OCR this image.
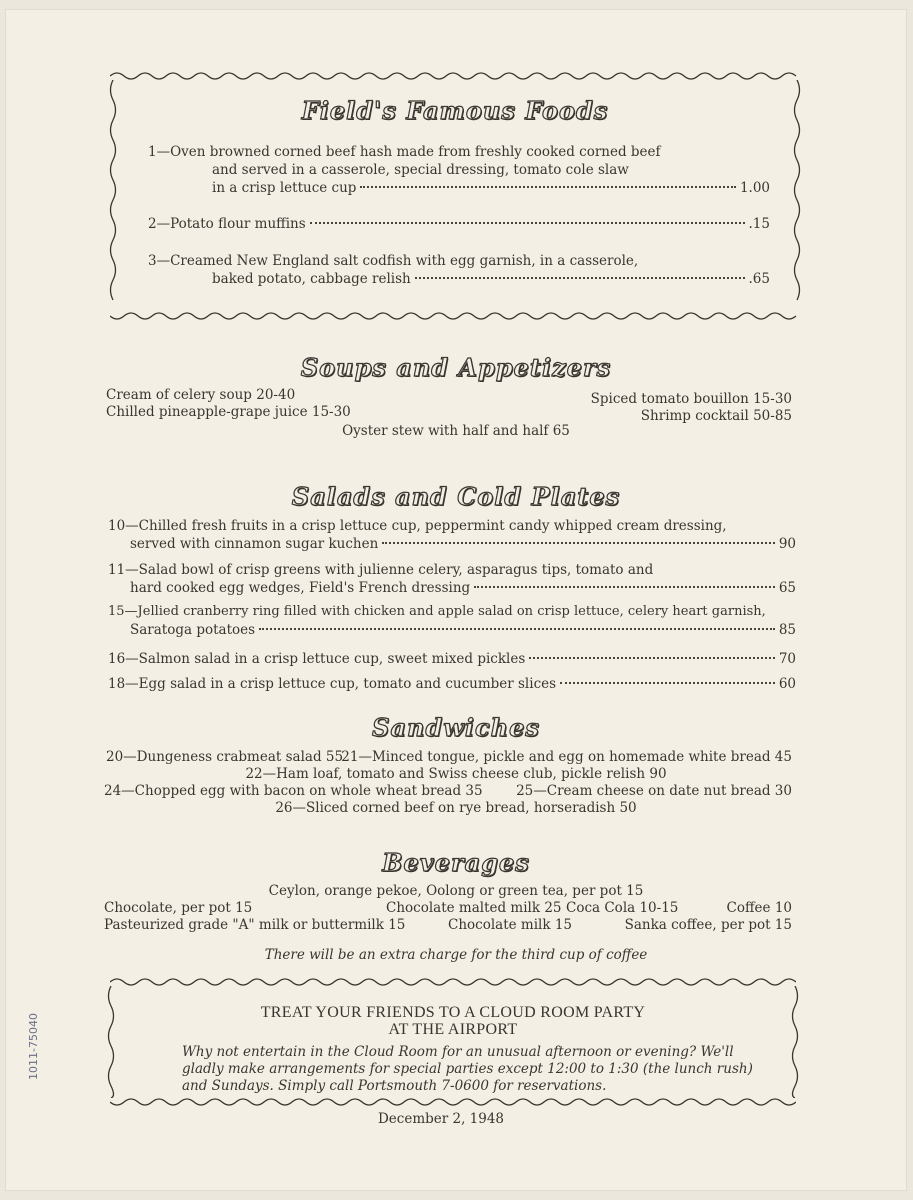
Field's Famous Foods
1—Oven browned corned beef hash made from freshly cooked corned beef
and served in a casserole, special dressing, tomato cole slaw
in a crisp lettuce cup	1.00
2—Potato flour muffins	.15
3—Creamed New England salt codfish with egg garnish, in a casserole,
baked potato, cabbage relish	.65
Soups and Appetizers
Cream of celery soup 20-40
Chilled pineapple-grape juice 15-30
Spiced tomato bouillon 15-30
Shrimp cocktail 50-85
Oyster stew with half and half 65
Salads and Cold Plates
10—Chilled fresh fruits in a crisp lettuce cup, peppermint candy whipped cream dressing,
served with cinnamon sugar kuchen	90
11—Salad bowl of crisp greens with julienne celery, asparagus tips, tomato and
hard cooked egg wedges, Field's French dressing	65
15—Jellied cranberry ring filled with chicken and apple salad on crisp lettuce, celery heart garnish,
Saratoga potatoes	85
16—Salmon salad in a crisp lettuce cup, sweet mixed pickles	70
18—Egg salad in a crisp lettuce cup, tomato and cucumber slices	60
Sandwiches
20—Dungeness crabmeat salad 55
21—Minced tongue, pickle and egg on homemade white bread 45
22—Ham loaf, tomato and Swiss cheese club, pickle relish 90
24—Chopped egg with bacon on whole wheat bread 35 25—Cream cheese on date nut bread 30
26—Sliced corned beef on rye bread, horseradish 50
Beverages
Ceylon, orange pekoe, Oolong or green tea, per pot 15
Chocolate, per pot 15	Chocolate malted milk 25 Coca Cola 10-15	Coffee 10
Pasteurized grade "A" milk or buttermilk 15	Chocolate milk 15	Sanka coffee, per pot 15
There will be an extra charge for the third cup of coffee
TREAT YOUR FRIENDS TO A CLOUD ROOM PARTY
AT THE AIRPORT
Why not entertain in the Cloud Room for an unusual afternoon or evening? We'll
gladly make arrangements for special parties except 12:00 to 1:30 (the lunch rush)
and Sundays. Simply call Portsmouth 7-0600 for reservations.
December 2, 1948
1011-75040
